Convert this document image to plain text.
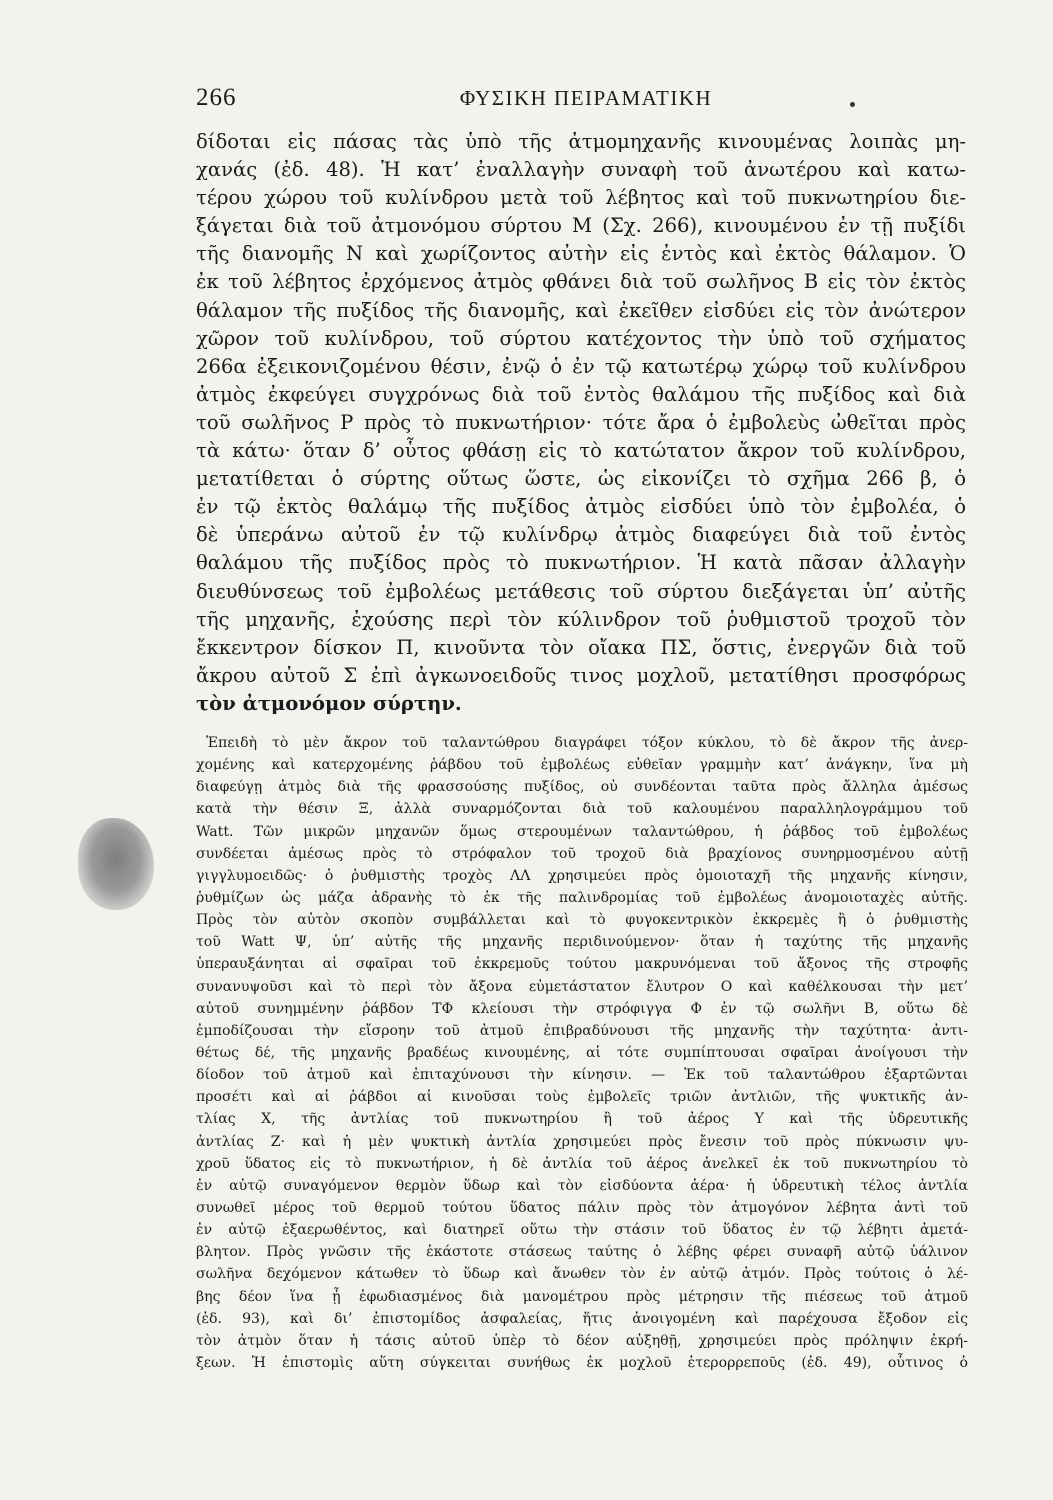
266	ΦΥΣΙΚΗ ΠΕΙΡΑΜΑΤΙΚΗ
δίδοται εἰς πάσας τὰς ὑπὸ τῆς ἀτμομηχανῆς κινουμένας λοιπὰς μη-
χανάς (ἐδ. 48). Ἡ κατ’ ἐναλλαγὴν συναφὴ τοῦ ἀνωτέρου καὶ κατω-
τέρου χώρου τοῦ κυλίνδρου μετὰ τοῦ λέβητος καὶ τοῦ πυκνωτηρίου διε-
ξάγεται διὰ τοῦ ἀτμονόμου σύρτου Μ (Σχ. 266), κινουμένου ἐν τῇ πυξίδι
τῆς διανομῆς Ν καὶ χωρίζοντος αὐτὴν εἰς ἐντὸς καὶ ἐκτὸς θάλαμον. Ὁ
ἐκ τοῦ λέβητος ἐρχόμενος ἀτμὸς φθάνει διὰ τοῦ σωλῆνος Β εἰς τὸν ἐκτὸς
θάλαμον τῆς πυξίδος τῆς διανομῆς, καὶ ἐκεῖθεν εἰσδύει εἰς τὸν ἀνώτερον
χῶρον τοῦ κυλίνδρου, τοῦ σύρτου κατέχοντος τὴν ὑπὸ τοῦ σχήματος
266α ἐξεικονιζομένου θέσιν, ἐνῷ ὁ ἐν τῷ κατωτέρῳ χώρῳ τοῦ κυλίνδρου
ἀτμὸς ἐκφεύγει συγχρόνως διὰ τοῦ ἐντὸς θαλάμου τῆς πυξίδος καὶ διὰ
τοῦ σωλῆνος Ρ πρὸς τὸ πυκνωτήριον· τότε ἄρα ὁ ἐμβολεὺς ὠθεῖται πρὸς
τὰ κάτω· ὅταν δ’ οὗτος φθάσῃ εἰς τὸ κατώτατον ἄκρον τοῦ κυλίνδρου,
μετατίθεται ὁ σύρτης οὕτως ὥστε, ὡς εἰκονίζει τὸ σχῆμα 266 β, ὁ
ἐν τῷ ἐκτὸς θαλάμῳ τῆς πυξίδος ἀτμὸς εἰσδύει ὑπὸ τὸν ἐμβολέα, ὁ
δὲ ὑπεράνω αὐτοῦ ἐν τῷ κυλίνδρῳ ἀτμὸς διαφεύγει διὰ τοῦ ἐντὸς
θαλάμου τῆς πυξίδος πρὸς τὸ πυκνωτήριον. Ἡ κατὰ πᾶσαν ἀλλαγὴν
διευθύνσεως τοῦ ἐμβολέως μετάθεσις τοῦ σύρτου διεξάγεται ὑπ’ αὐτῆς
τῆς μηχανῆς, ἐχούσης περὶ τὸν κύλινδρον τοῦ ῥυθμιστοῦ τροχοῦ τὸν
ἔκκεντρον δίσκον Π, κινοῦντα τὸν οἴακα ΠΣ, ὅστις, ἐνεργῶν διὰ τοῦ
ἄκρου αὐτοῦ Σ ἐπὶ ἀγκωνοειδοῦς τινος μοχλοῦ, μετατίθησι προσφόρως
τὸν ἀτμονόμον σύρτην.
Ἐπειδὴ τὸ μὲν ἄκρον τοῦ ταλαντώθρου διαγράφει τόξον κύκλου, τὸ δὲ ἄκρον τῆς ἀνερ-
χομένης καὶ κατερχομένης ῥάβδου τοῦ ἐμβολέως εὐθεῖαν γραμμὴν κατ’ ἀνάγκην, ἵνα μὴ
διαφεύγῃ ἀτμὸς διὰ τῆς φρασσούσης πυξίδος, οὐ συνδέονται ταῦτα πρὸς ἄλληλα ἀμέσως
κατὰ τὴν θέσιν Ξ, ἀλλὰ συναρμόζονται διὰ τοῦ καλουμένου παραλληλογράμμου τοῦ
Watt. Τῶν μικρῶν μηχανῶν ὅμως στερουμένων ταλαντώθρου, ἡ ῥάβδος τοῦ ἐμβολέως
συνδέεται ἀμέσως πρὸς τὸ στρόφαλον τοῦ τροχοῦ διὰ βραχίονος συνηρμοσμένου αὐτῇ
γιγγλυμοειδῶς· ὁ ῥυθμιστὴς τροχὸς ΛΛ χρησιμεύει πρὸς ὁμοιοταχῆ τῆς μηχανῆς κίνησιν,
ῥυθμίζων ὡς μάζα ἀδρανὴς τὸ ἐκ τῆς παλινδρομίας τοῦ ἐμβολέως ἀνομοιοταχὲς αὐτῆς.
Πρὸς τὸν αὐτὸν σκοπὸν συμβάλλεται καὶ τὸ φυγοκεντρικὸν ἐκκρεμὲς ἢ ὁ ῥυθμιστὴς
τοῦ Watt Ψ, ὑπ’ αὐτῆς τῆς μηχανῆς περιδινούμενον· ὅταν ἡ ταχύτης τῆς μηχανῆς
ὑπεραυξάνηται αἱ σφαῖραι τοῦ ἐκκρεμοῦς τούτου μακρυνόμεναι τοῦ ἄξονος τῆς στροφῆς
συνανυψοῦσι καὶ τὸ περὶ τὸν ἄξονα εὐμετάστατον ἔλυτρον Ο καὶ καθέλκουσαι τὴν μετ’
αὐτοῦ συνημμένην ῥάβδον ΤΦ κλείουσι τὴν στρόφιγγα Φ ἐν τῷ σωλῆνι Β, οὕτω δὲ
ἐμποδίζουσαι τὴν εἴσροην τοῦ ἀτμοῦ ἐπιβραδύνουσι τῆς μηχανῆς τὴν ταχύτητα· ἀντι-
θέτως δέ, τῆς μηχανῆς βραδέως κινουμένης, αἱ τότε συμπίπτουσαι σφαῖραι ἀνοίγουσι τὴν
δίοδον τοῦ ἀτμοῦ καὶ ἐπιταχύνουσι τὴν κίνησιν. — Ἐκ τοῦ ταλαντώθρου ἐξαρτῶνται
προσέτι καὶ αἱ ῥάβδοι αἱ κινοῦσαι τοὺς ἐμβολεῖς τριῶν ἀντλιῶν, τῆς ψυκτικῆς ἀν-
τλίας Χ, τῆς ἀντλίας τοῦ πυκνωτηρίου ἢ τοῦ ἀέρος Υ καὶ τῆς ὑδρευτικῆς
ἀντλίας Ζ· καὶ ἡ μὲν ψυκτικὴ ἀντλία χρησιμεύει πρὸς ἔνεσιν τοῦ πρὸς πύκνωσιν ψυ-
χροῦ ὕδατος εἰς τὸ πυκνωτήριον, ἡ δὲ ἀντλία τοῦ ἀέρος ἀνελκεῖ ἐκ τοῦ πυκνωτηρίου τὸ
ἐν αὐτῷ συναγόμενον θερμὸν ὕδωρ καὶ τὸν εἰσδύοντα ἀέρα· ἡ ὑδρευτικὴ τέλος ἀντλία
συνωθεῖ μέρος τοῦ θερμοῦ τούτου ὕδατος πάλιν πρὸς τὸν ἀτμογόνον λέβητα ἀντὶ τοῦ
ἐν αὐτῷ ἐξαερωθέντος, καὶ διατηρεῖ οὕτω τὴν στάσιν τοῦ ὕδατος ἐν τῷ λέβητι ἀμετά-
βλητον. Πρὸς γνῶσιν τῆς ἑκάστοτε στάσεως ταύτης ὁ λέβης φέρει συναφῆ αὐτῷ ὑάλινον
σωλῆνα δεχόμενον κάτωθεν τὸ ὕδωρ καὶ ἄνωθεν τὸν ἐν αὐτῷ ἀτμόν. Πρὸς τούτοις ὁ λέ-
βης δέον ἵνα ᾖ ἐφωδιασμένος διὰ μανομέτρου πρὸς μέτρησιν τῆς πιέσεως τοῦ ἀτμοῦ
(ἐδ. 93), καὶ δι’ ἐπιστομίδος ἀσφαλείας, ἥτις ἀνοιγομένη καὶ παρέχουσα ἔξοδον εἰς
τὸν ἀτμὸν ὅταν ἡ τάσις αὐτοῦ ὑπὲρ τὸ δέον αὐξηθῇ, χρησιμεύει πρὸς πρόληψιν ἐκρή-
ξεων. Ἡ ἐπιστομὶς αὕτη σύγκειται συνήθως ἐκ μοχλοῦ ἑτερορρεποῦς (ἐδ. 49), οὗτινος ὁ
